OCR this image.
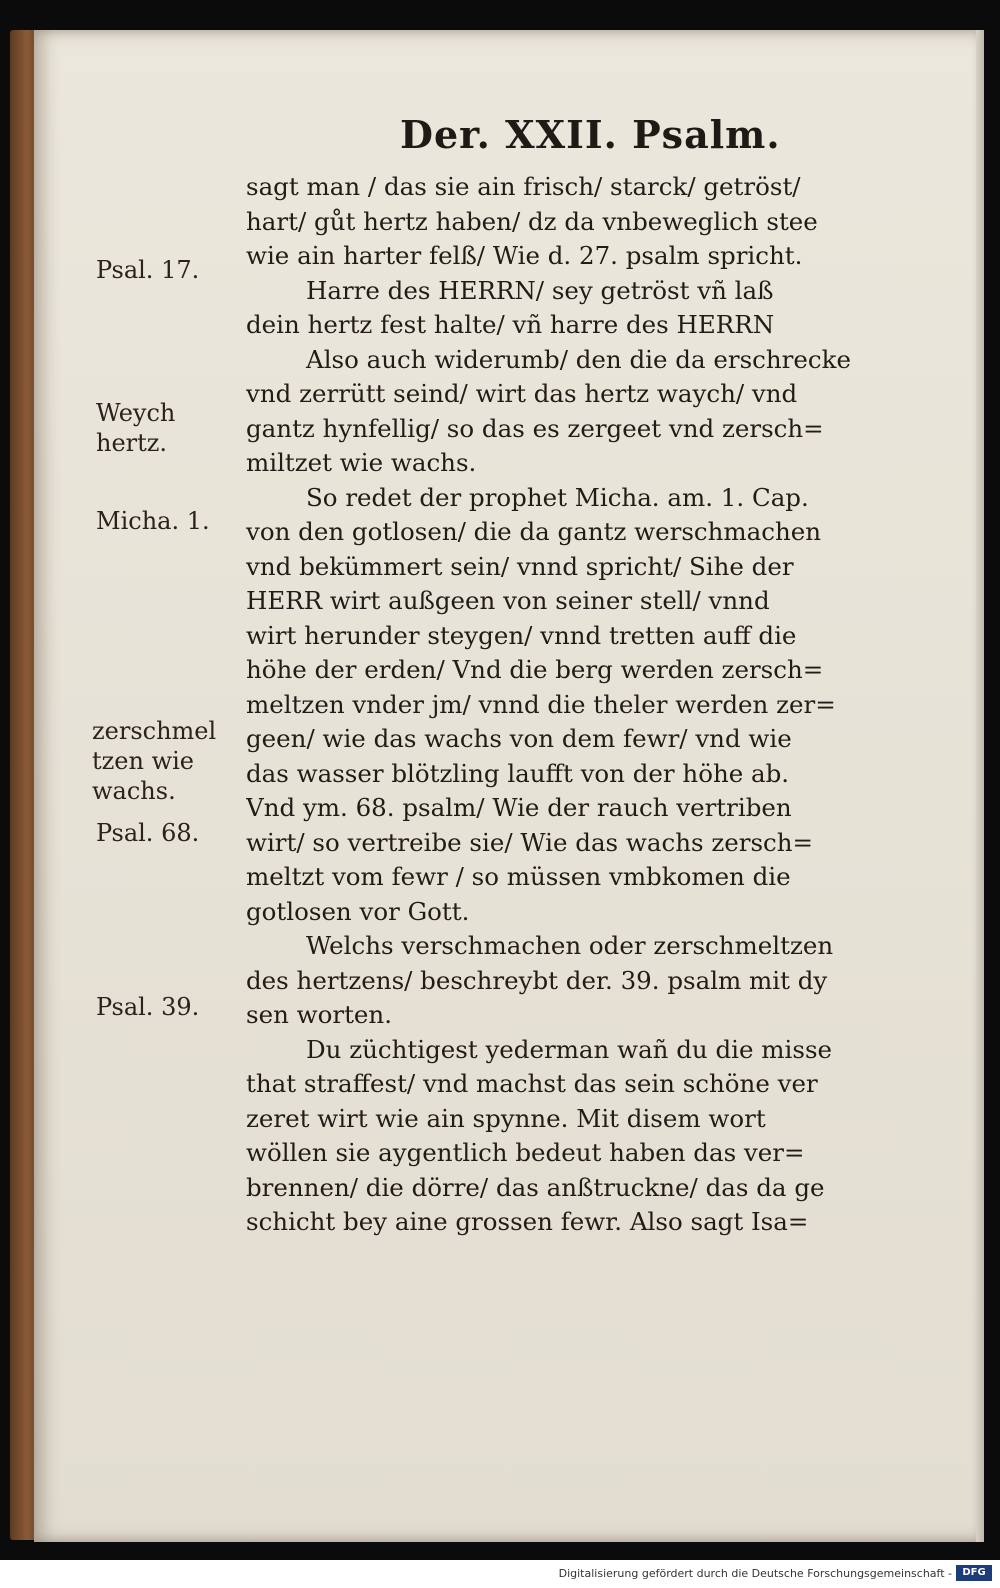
Der. XXII. Psalm.
sagt man / das sie ain frisch/ starck/ getröst/
hart/ gůt hertz haben/ dz da vnbeweglich stee
wie ain harter felß/ Wie d. 27. psalm spricht.
Harre des HERRN/ sey getröst vñ laß
dein hertz fest halte/ vñ harre des HERRN
Also auch widerumb/ den die da erschrecke
vnd zerrütt seind/ wirt das hertz waych/ vnd
gantz hynfellig/ so das es zergeet vnd zersch=
miltzet wie wachs.
So redet der prophet Micha. am. 1. Cap.
von den gotlosen/ die da gantz werschmachen
vnd bekümmert sein/ vnnd spricht/ Sihe der
HERR wirt außgeen von seiner stell/ vnnd
wirt herunder steygen/ vnnd tretten auff die
höhe der erden/ Vnd die berg werden zersch=
meltzen vnder jm/ vnnd die theler werden zer=
geen/ wie das wachs von dem fewr/ vnd wie
das wasser blötzling laufft von der höhe ab.
Vnd ym. 68. psalm/ Wie der rauch vertriben
wirt/ so vertreibe sie/ Wie das wachs zersch=
meltzt vom fewr / so müssen vmbkomen die
gotlosen vor Gott.
Welchs verschmachen oder zerschmeltzen
des hertzens/ beschreybt der. 39. psalm mit dy
sen worten.
Du züchtigest yederman wañ du die misse
that straffest/ vnd machst das sein schöne ver
zeret wirt wie ain spynne. Mit disem wort
wöllen sie aygentlich bedeut haben das ver=
brennen/ die dörre/ das anßtruckne/ das da ge
schicht bey aine grossen fewr. Also sagt Isa=
Psal. 17.
Weych
hertz.
Micha. 1.
zerschmel
tzen wie
wachs.
Psal. 68.
Psal. 39.
Digitalisierung gefördert durch die Deutsche Forschungsgemeinschaft -	DFG
